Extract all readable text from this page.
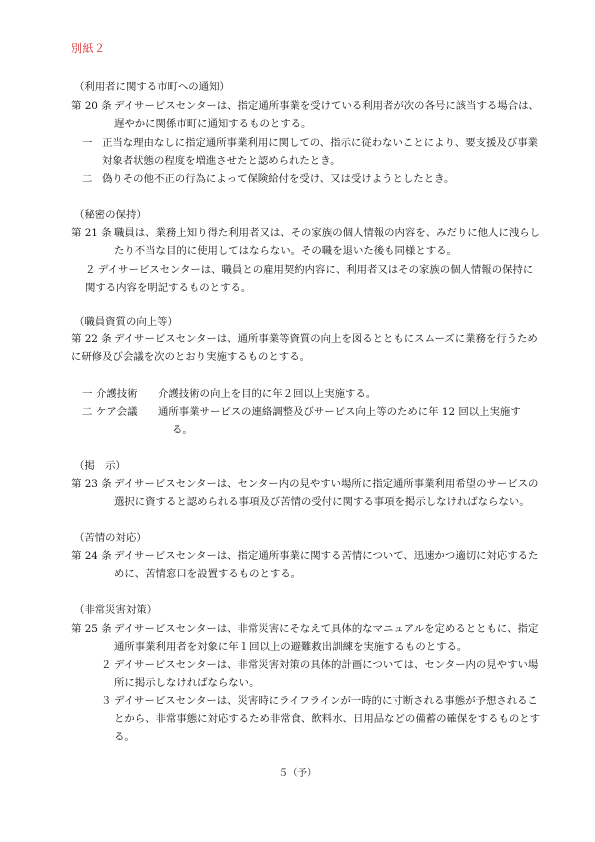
別紙２
（利用者に関する市町への通知）
第 20 条 デイサービスセンターは、指定通所事業を受けている利用者が次の各号に該当する場合は、
遅やかに関係市町に通知するものとする。
一 正当な理由なしに指定通所事業利用に関しての、指示に従わないことにより、要支援及び事業
対象者状態の程度を増進させたと認められたとき。
二 偽りその他不正の行為によって保険給付を受け、又は受けようとしたとき。
（秘密の保持）
第 21 条 職員は、業務上知り得た利用者又は、その家族の個人情報の内容を、みだりに他人に洩らし
たり不当な目的に使用してはならない。その職を退いた後も同様とする。
２ デイサービスセンターは、職員との雇用契約内容に、利用者又はその家族の個人情報の保持に
関する内容を明記するものとする。
（職員資質の向上等）
第 22 条 デイサービスセンターは、通所事業等資質の向上を図るとともにスムーズに業務を行うため
に研修及び会議を次のとおり実施するものとする。
一 介護技術 介護技術の向上を目的に年２回以上実施する。
二 ケア会議 通所事業サービスの連絡調整及びサービス向上等のために年 12 回以上実施す
る。
（掲　示）
第 23 条 デイサービスセンターは、センター内の見やすい場所に指定通所事業利用希望のサービスの
選択に資すると認められる事項及び苦情の受付に関する事項を掲示しなければならない。
（苦情の対応）
第 24 条 デイサービスセンターは、指定通所事業に関する苦情について、迅速かつ適切に対応するた
めに、苦情窓口を設置するものとする。
（非常災害対策）
第 25 条 デイサービスセンターは、非常災害にそなえて具体的なマニュアルを定めるとともに、指定
通所事業利用者を対象に年１回以上の避難救出訓練を実施するものとする。
２ デイサービスセンターは、非常災害対策の具体的計画については、センター内の見やすい場
所に掲示しなければならない。
３ デイサービスセンターは、災害時にライフラインが一時的に寸断される事態が予想されるこ
とから、非常事態に対応するため非常食、飲料水、日用品などの備蓄の確保をするものとす
る。
５（予）
